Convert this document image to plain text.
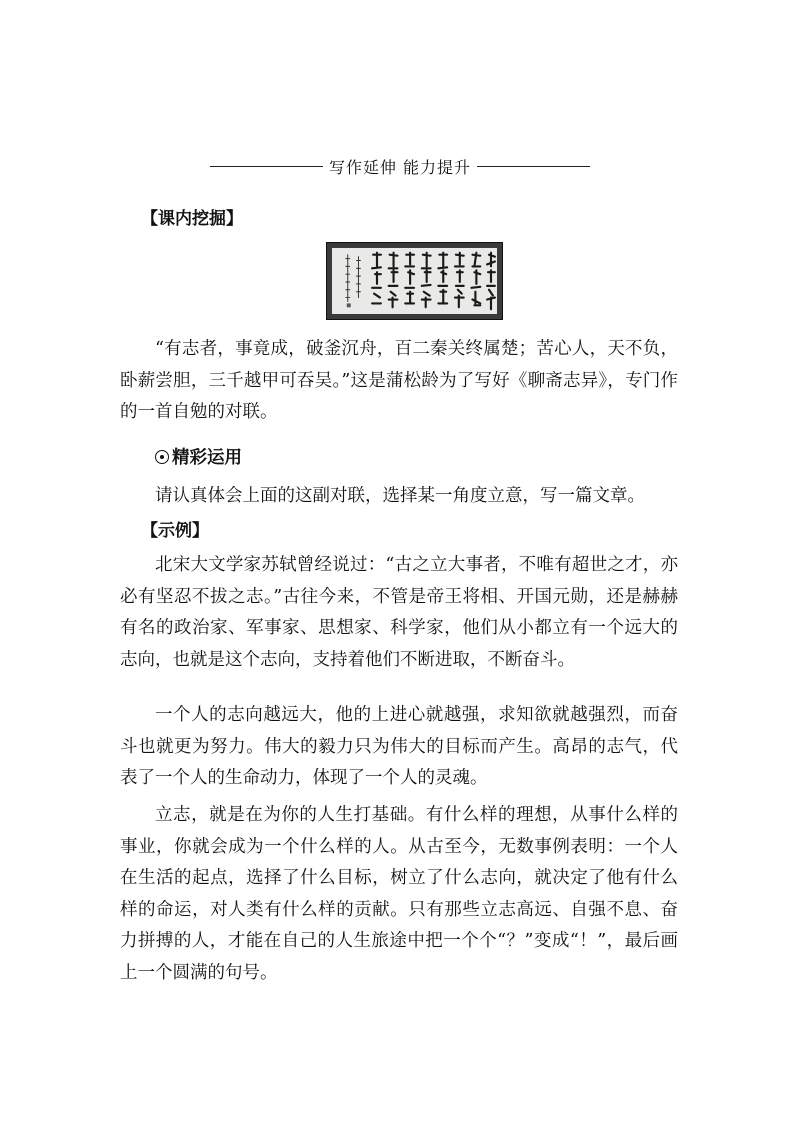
写作延伸 能力提升
【课内挖掘】

“有志者，事竟成，破釜沉舟，百二秦关终属楚；苦心人，天不负，卧薪尝胆，三千越甲可吞吴。”这是蒲松龄为了写好《聊斋志异》，专门作的一首自勉的对联。

精彩运用
请认真体会上面的这副对联，选择某一角度立意，写一篇文章。
【示例】

北宋大文学家苏轼曾经说过：“古之立大事者，不唯有超世之才，亦必有坚忍不拔之志。”古往今来，不管是帝王将相、开国元勋，还是赫赫有名的政治家、军事家、思想家、科学家，他们从小都立有一个远大的志向，也就是这个志向，支持着他们不断进取，不断奋斗。

一个人的志向越远大，他的上进心就越强，求知欲就越强烈，而奋斗也就更为努力。伟大的毅力只为伟大的目标而产生。高昂的志气，代表了一个人的生命动力，体现了一个人的灵魂。

立志，就是在为你的人生打基础。有什么样的理想，从事什么样的事业，你就会成为一个什么样的人。从古至今，无数事例表明：一个人在生活的起点，选择了什么目标，树立了什么志向，就决定了他有什么样的命运，对人类有什么样的贡献。只有那些立志高远、自强不息、奋力拼搏的人，才能在自己的人生旅途中把一个个“？”变成“！”，最后画上一个圆满的句号。
